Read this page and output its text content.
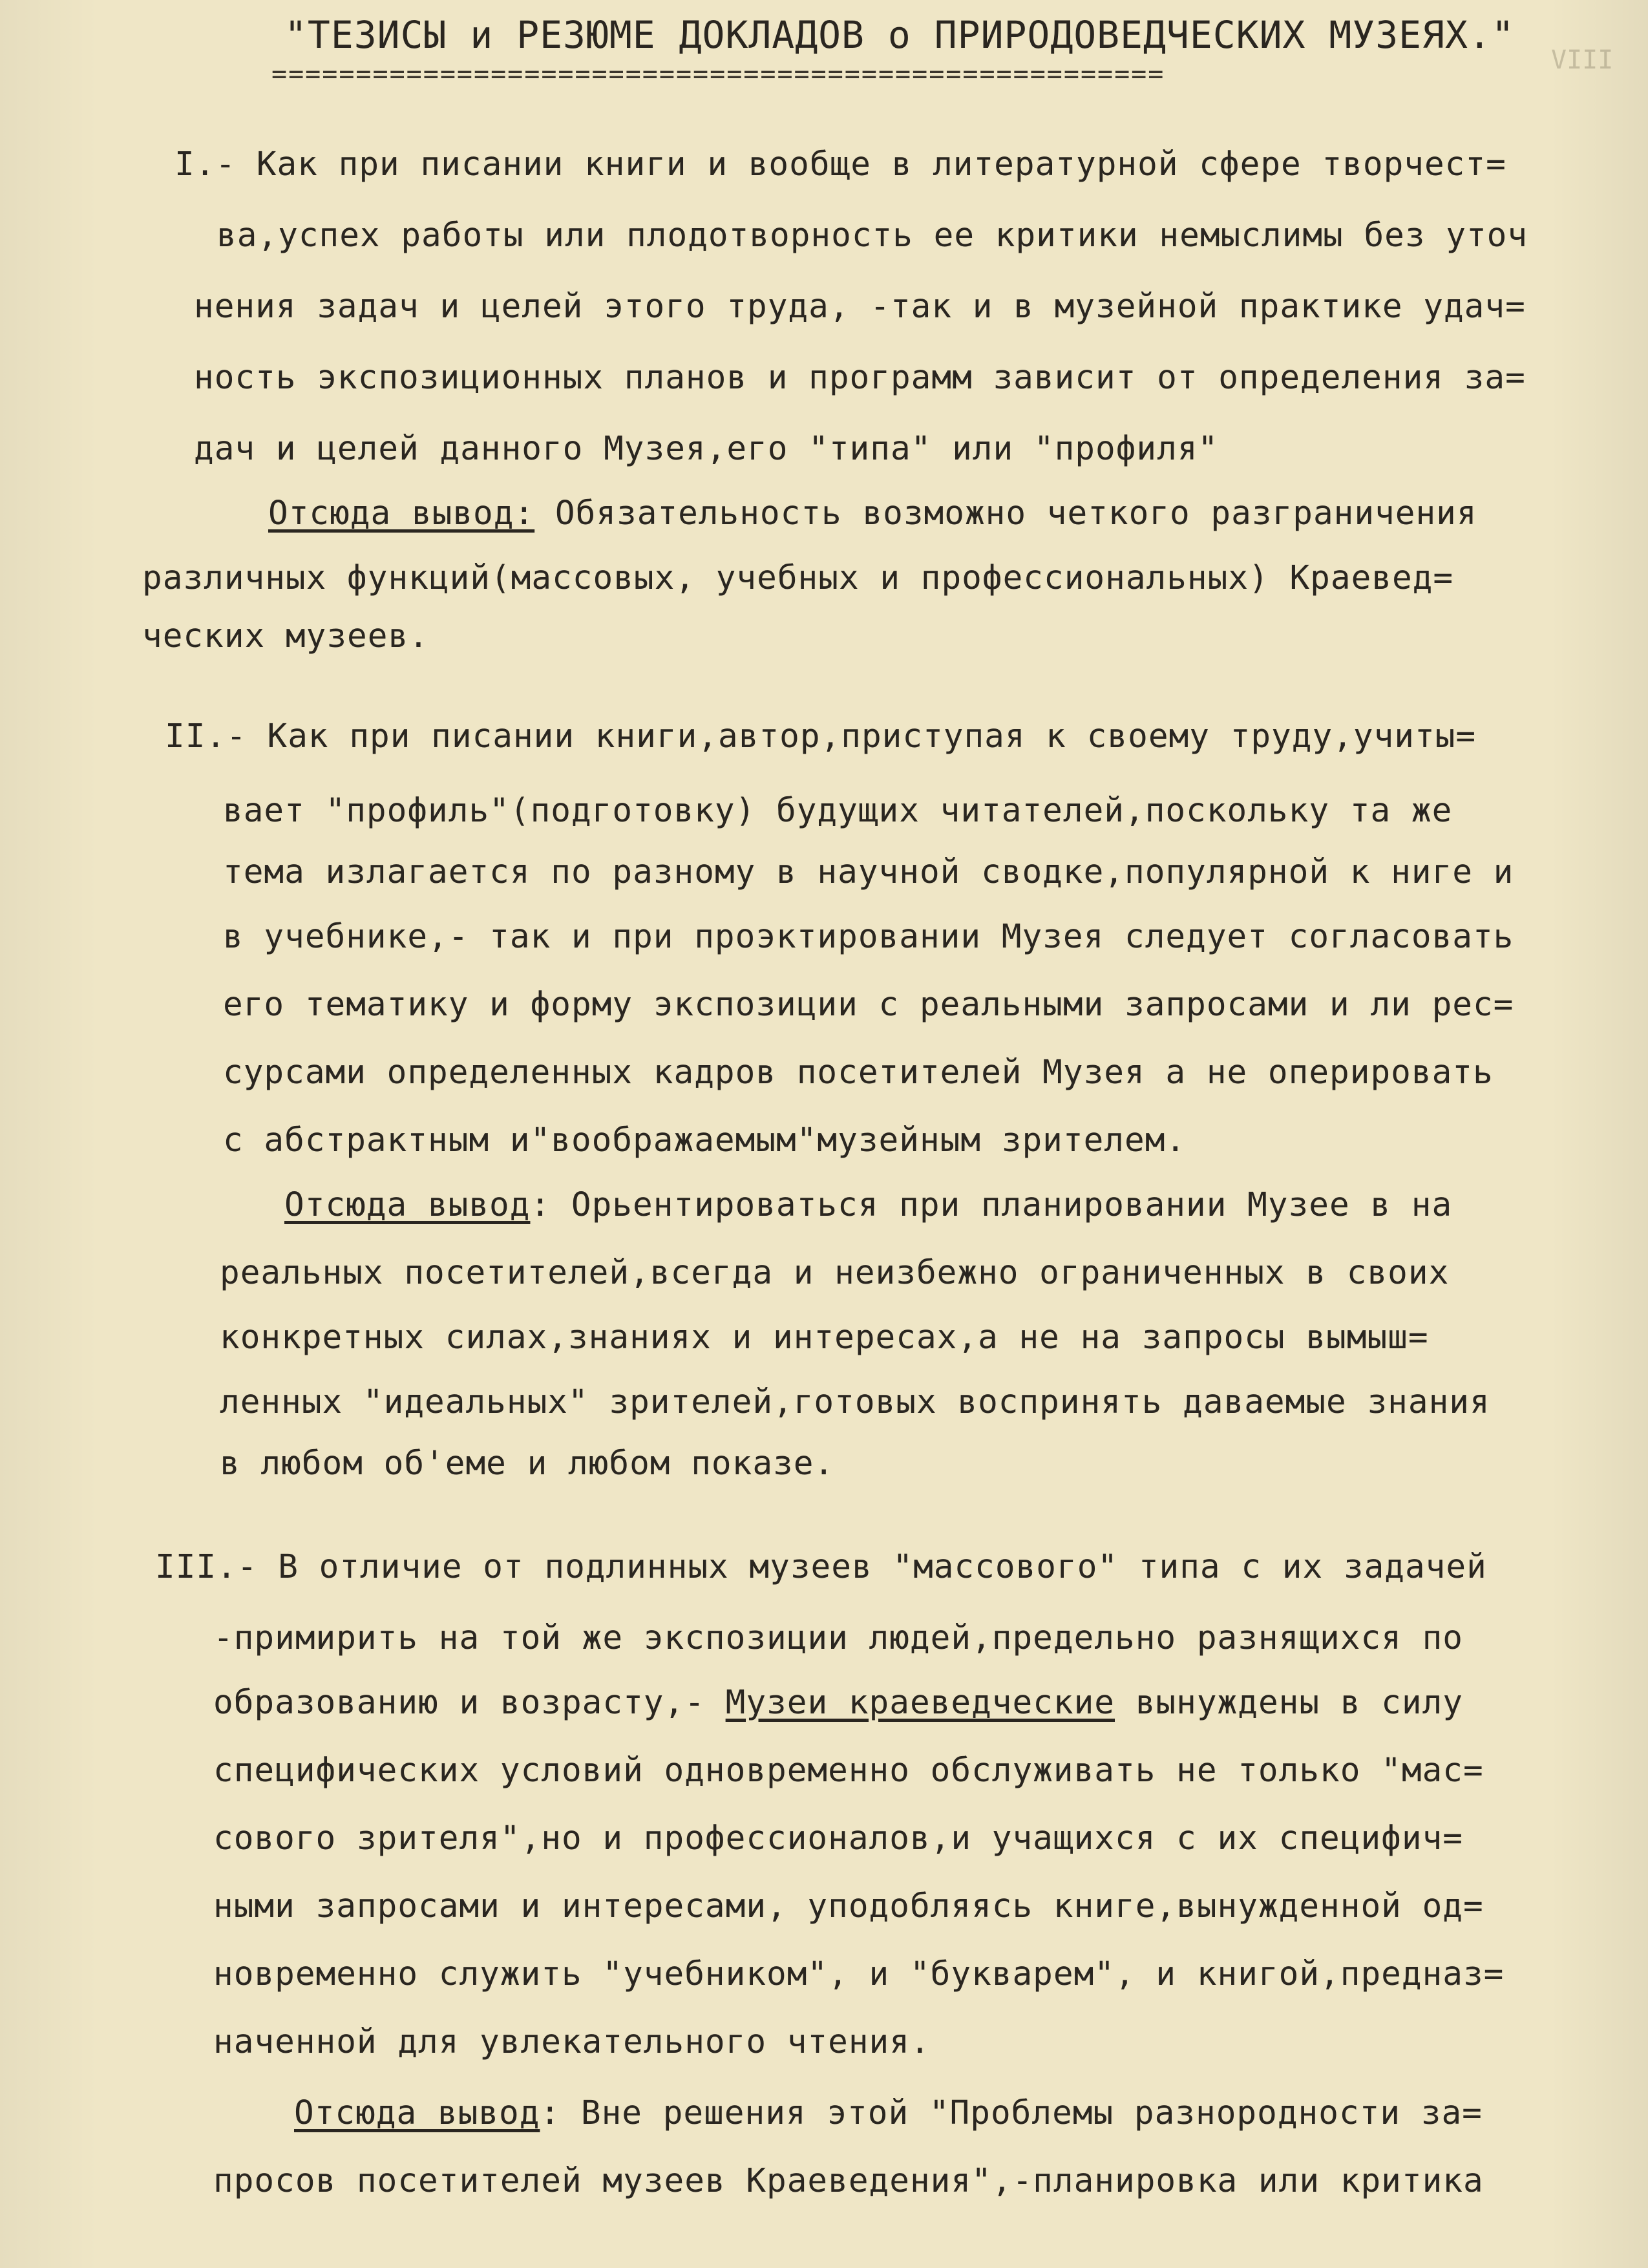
"ТЕЗИСЫ и РЕЗЮМЕ ДОКЛАДОВ о ПРИРОДОВЕДЧЕСКИХ МУЗЕЯХ."
=====================================================	VIII
I.- Как при писании книги и вообще в литературной сфере творчест=
ва,успех работы или плодотворность ее критики немыслимы без уточ
нения задач и целей этого труда, -так и в музейной практике удач=
ность экспозиционных планов и программ зависит от определения за=
дач и целей данного Музея,его "типа" или "профиля"
Отсюда вывод: Обязательность возможно четкого разграничения
различных функций(массовых, учебных и профессиональных) Краевед=
ческих музеев.
II.- Как при писании книги,автор,приступая к своему труду,учиты=
вает "профиль"(подготовку) будущих читателей,поскольку та же
тема излагается по разному в научной сводке,популярной к ниге и
в учебнике,- так и при проэктировании Музея следует согласовать
его тематику и форму экспозиции с реальными запросами и ли рес=
сурсами определенных кадров посетителей Музея а не оперировать
с абстрактным и"воображаемым"музейным зрителем.
Отсюда вывод: Орьентироваться при планировании Музее в на
реальных посетителей,всегда и неизбежно ограниченных в своих
конкретных силах,знаниях и интересах,а не на запросы вымыш=
ленных "идеальных" зрителей,готовых воспринять даваемые знания
в любом об'еме и любом показе.
III.- В отличие от подлинных музеев "массового" типа с их задачей
-примирить на той же экспозиции людей,предельно разнящихся по
образованию и возрасту,- Музеи краеведческие вынуждены в силу
специфических условий одновременно обслуживать не только "мас=
сового зрителя",но и профессионалов,и учащихся с их специфич=
ными запросами и интересами, уподобляясь книге,вынужденной од=
новременно служить "учебником", и "букварем", и книгой,предназ=
наченной для увлекательного чтения.
Отсюда вывод: Вне решения этой "Проблемы разнородности за=
просов посетителей музеев Краеведения",-планировка или критика
